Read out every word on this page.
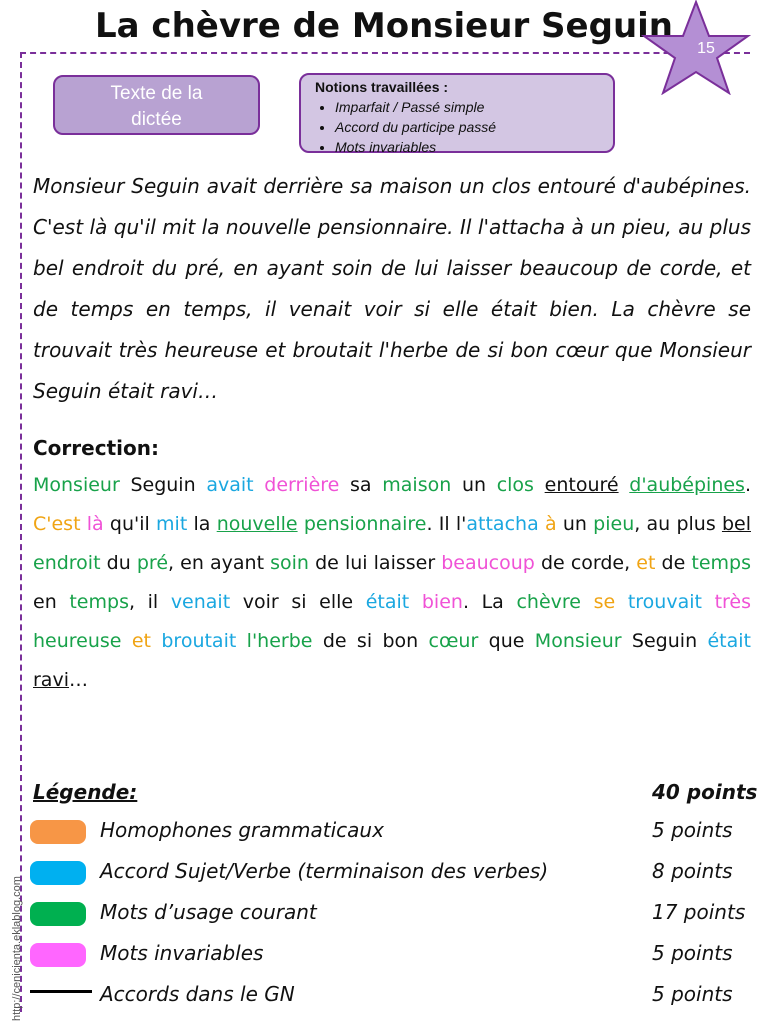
La chèvre de Monsieur Seguin
15
Texte de la
dictée
Notions travaillées :
• Imparfait / Passé simple
• Accord du participe passé
• Mots invariables
Monsieur Seguin avait derrière sa maison un clos entouré d'aubépines. C'est là qu'il mit la nouvelle pensionnaire. Il l'attacha à un pieu, au plus bel endroit du pré, en ayant soin de lui laisser beaucoup de corde, et de temps en temps, il venait voir si elle était bien. La chèvre se trouvait très heureuse et broutait l'herbe de si bon cœur que Monsieur Seguin était ravi…
Correction:
Monsieur Seguin avait derrière sa maison un clos entouré d'aubépines. C'est là qu'il mit la nouvelle pensionnaire. Il l'attacha à un pieu, au plus bel endroit du pré, en ayant soin de lui laisser beaucoup de corde, et de temps en temps, il venait voir si elle était bien. La chèvre se trouvait très heureuse et broutait l'herbe de si bon cœur que Monsieur Seguin était ravi…
Légende:	40 points
Homophones grammaticaux	5 points
Accord Sujet/Verbe (terminaison des verbes)	8 points
Mots d’usage courant	17 points
Mots invariables	5 points
Accords dans le GN	5 points
http://cenicienta.eklablog.com
